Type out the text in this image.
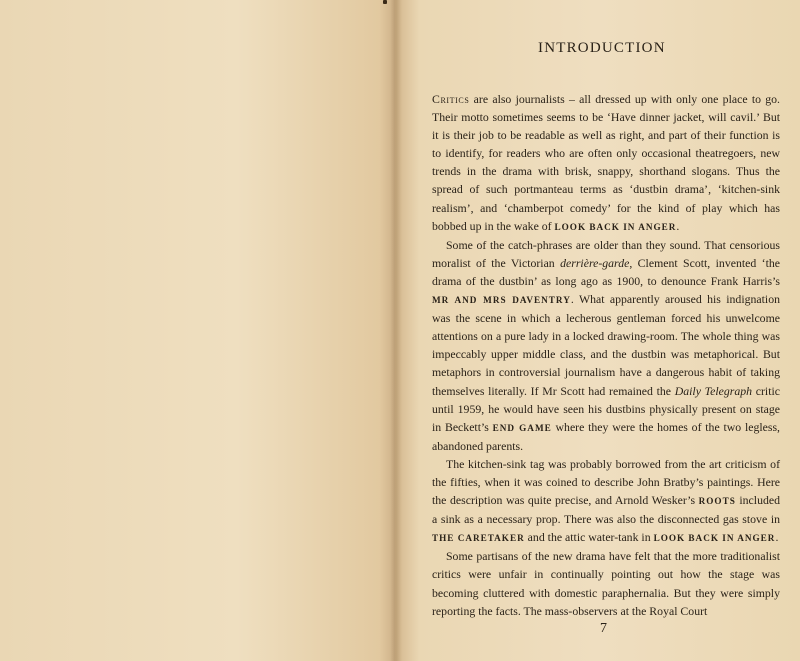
INTRODUCTION

Critics are also journalists – all dressed up with only one place to go. Their motto sometimes seems to be ‘Have dinner jacket, will cavil.’ But it is their job to be readable as well as right, and part of their function is to identify, for readers who are often only occasional theatregoers, new trends in the drama with brisk, snappy, shorthand slogans. Thus the spread of such portmanteau terms as ‘dustbin drama’, ‘kitchen-sink realism’, and ‘chamberpot comedy’ for the kind of play which has bobbed up in the wake of LOOK BACK IN ANGER.

Some of the catch-phrases are older than they sound. That censorious moralist of the Victorian derrière-garde, Clement Scott, invented ‘the drama of the dustbin’ as long ago as 1900, to denounce Frank Harris’s MR AND MRS DAVENTRY. What apparently aroused his indignation was the scene in which a lecherous gentleman forced his unwelcome attentions on a pure lady in a locked drawing-room. The whole thing was impeccably upper middle class, and the dustbin was metaphorical. But metaphors in controversial journalism have a dangerous habit of taking themselves literally. If Mr Scott had remained the Daily Telegraph critic until 1959, he would have seen his dustbins physically present on stage in Beckett’s END GAME where they were the homes of the two legless, abandoned parents.

The kitchen-sink tag was probably borrowed from the art criticism of the fifties, when it was coined to describe John Bratby’s paintings. Here the description was quite precise, and Arnold Wesker’s ROOTS included a sink as a necessary prop. There was also the disconnected gas stove in THE CARETAKER and the attic water-tank in LOOK BACK IN ANGER.

Some partisans of the new drama have felt that the more traditionalist critics were unfair in continually pointing out how the stage was becoming cluttered with domestic paraphernalia. But they were simply reporting the facts. The mass-observers at the Royal Court

7
